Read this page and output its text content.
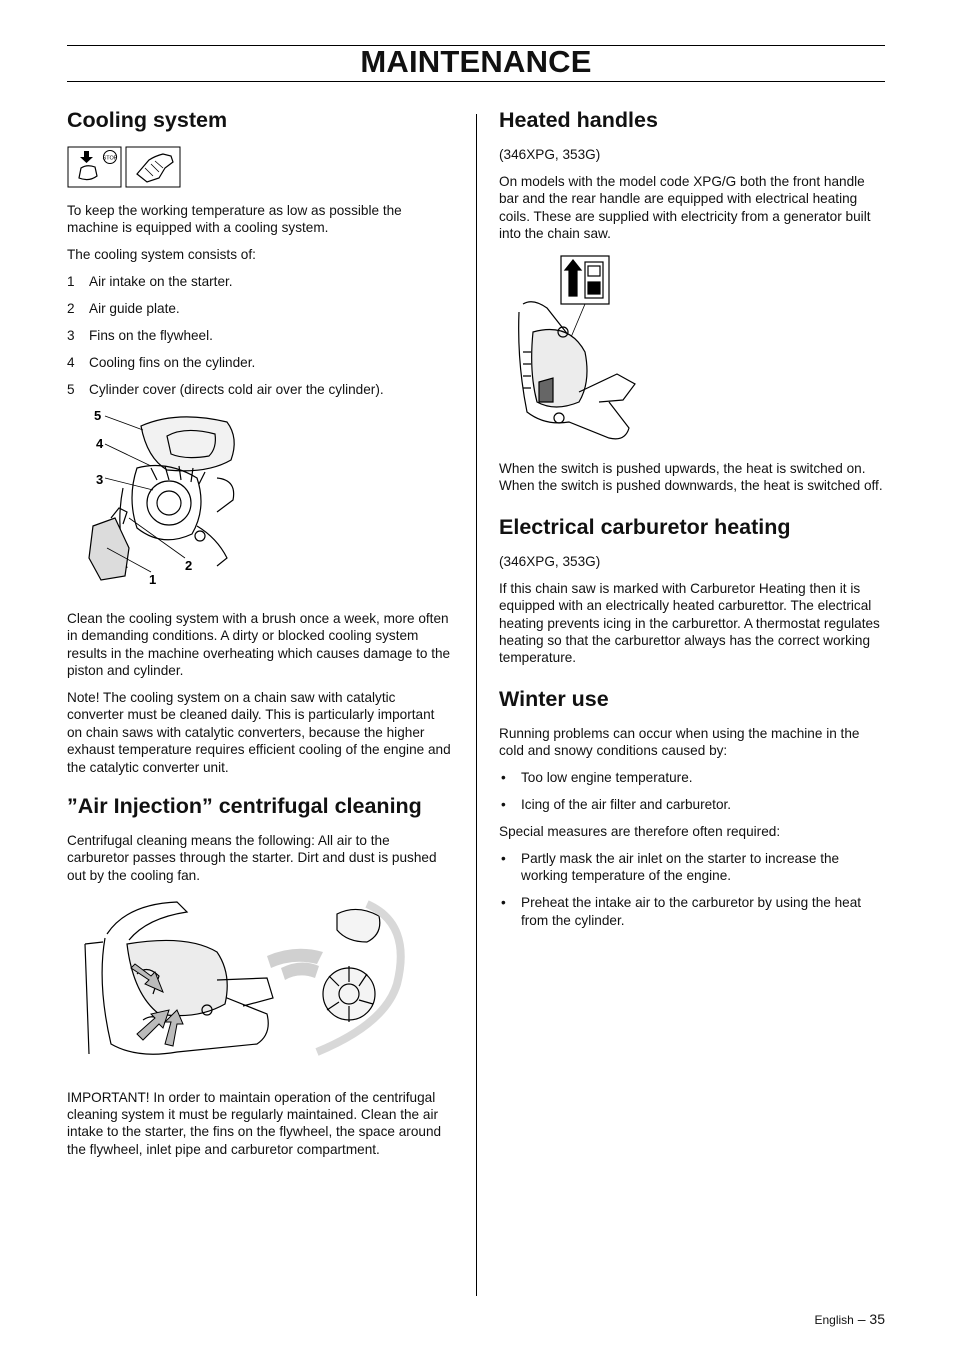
MAINTENANCE
Cooling system
STOP

To keep the working temperature as low as possible the machine is equipped with a cooling system.

The cooling system consists of:

1	Air intake on the starter.
2	Air guide plate.
3	Fins on the flywheel.
4	Cooling fins on the cylinder.
5	Cylinder cover (directs cold air over the cylinder).
5
4
3
2
1

Clean the cooling system with a brush once a week, more often in demanding conditions. A dirty or blocked cooling system results in the machine overheating which causes damage to the piston and cylinder.

Note! The cooling system on a chain saw with catalytic converter must be cleaned daily. This is particularly important on chain saws with catalytic converters, because the higher exhaust temperature requires efficient cooling of the engine and the catalytic converter unit.

”Air Injection” centrifugal cleaning

Centrifugal cleaning means the following: All air to the carburetor passes through the starter. Dirt and dust is pushed out by the cooling fan.

IMPORTANT! In order to maintain operation of the centrifugal cleaning system it must be regularly maintained. Clean the air intake to the starter, the fins on the flywheel, the space around the flywheel, inlet pipe and carburetor compartment.

Heated handles

(346XPG, 353G)

On models with the model code XPG/G both the front handle bar and the rear handle are equipped with electrical heating coils. These are supplied with electricity from a generator built into the chain saw.

When the switch is pushed upwards, the heat is switched on. When the switch is pushed downwards, the heat is switched off.

Electrical carburetor heating

(346XPG, 353G)

If this chain saw is marked with Carburetor Heating then it is equipped with an electrically heated carburettor. The electrical heating prevents icing in the carburettor. A thermostat regulates heating so that the carburettor always has the correct working temperature.

Winter use

Running problems can occur when using the machine in the cold and snowy conditions caused by:

•	Too low engine temperature.
•	Icing of the air filter and carburetor.

Special measures are therefore often required:

•	Partly mask the air inlet on the starter to increase the working temperature of the engine.
•	Preheat the intake air to the carburetor by using the heat from the cylinder.
English – 35
